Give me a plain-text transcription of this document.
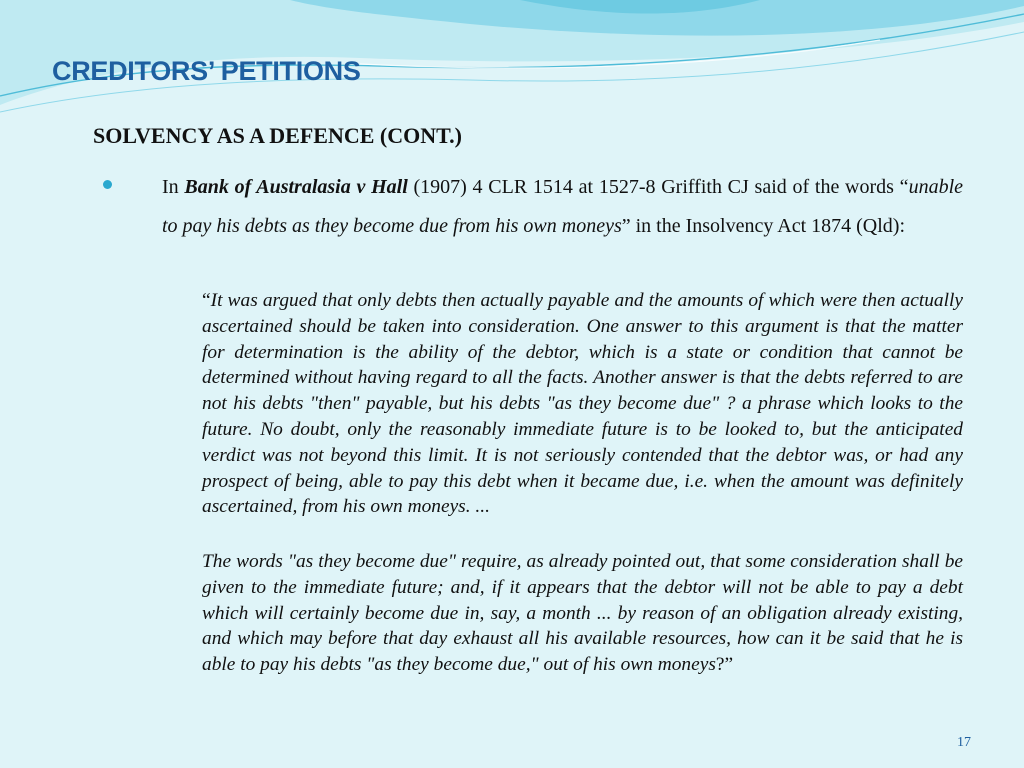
CREDITORS’ PETITIONS
SOLVENCY AS A DEFENCE (CONT.)
In Bank of Australasia v Hall (1907) 4 CLR 1514 at 1527-8 Griffith CJ said of the words “unable to pay his debts as they become due from his own moneys” in the Insolvency Act 1874 (Qld):
“It was argued that only debts then actually payable and the amounts of which were then actually ascertained should be taken into consideration. One answer to this argument is that the matter for determination is the ability of the debtor, which is a state or condition that cannot be determined without having regard to all the facts. Another answer is that the debts referred to are not his debts "then" payable, but his debts "as they become due" ? a phrase which looks to the future. No doubt, only the reasonably immediate future is to be looked to, but the anticipated verdict was not beyond this limit. It is not seriously contended that the debtor was, or had any prospect of being, able to pay this debt when it became due, i.e. when the amount was definitely ascertained, from his own moneys. ...
The words "as they become due" require, as already pointed out, that some consideration shall be given to the immediate future; and, if it appears that the debtor will not be able to pay a debt which will certainly become due in, say, a month ... by reason of an obligation already existing, and which may before that day exhaust all his available resources, how can it be said that he is able to pay his debts "as they become due," out of his own moneys?”
17
